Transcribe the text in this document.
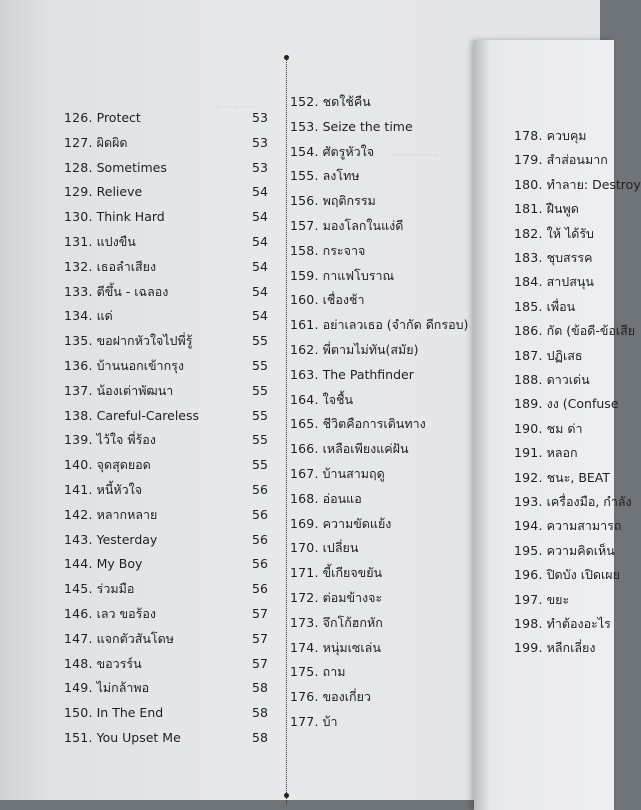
~~~~~
~~~~~~
126. Protect	53
127. ผิดผิด	53
128. Sometimes	53
129. Relieve	54
130. Think Hard	54
131. แปงขืน	54
132. เธอลำเสียง	54
133. ตีขึ้น - เฉลอง	54
134. แด่	54
135. ขอฝากหัวใจไปพี่รู้	55
136. บ้านนอกเข้ากรุง	55
137. น้องเต่าพัฒนา	55
138. Careful-Careless	55
139. ไว้ใจ พี่ร้อง	55
140. จุดสุดยอด	55
141. หนี้หัวใจ	56
142. หลากหลาย	56
143. Yesterday	56
144. My Boy	56
145. ร่วมมือ	56
146. เลว ขอร้อง	57
147. แจกตัวสันโดษ	57
148. ขอวรร์น	57
149. ไม่กล้าพอ	58
150. In The End	58
151. You Upset Me	58
152. ชดใช้คืน
153. Seize the time
154. ศัตรูหัวใจ
155. ลงโทษ
156. พฤติกรรม
157. มองโลกในแง่ดี
158. กระจาจ
159. กาแฟโบราณ
160. เชื่องช้า
161. อย่าเลวเธอ (จำกัด ดีกรอบ)
162. พี่ตามไม่ทัน(สมัย)
163. The Pathfinder
164. ใจชื้น
165. ชีวิตคือการเดินทาง
166. เหลือเพียงแค่ฝัน
167. บ้านสามฤดู
168. อ่อนแอ
169. ความขัดแย้ง
170. เปลี่ยน
171. ขี้เกียจขยัน
172. ต่อมข้างจะ
173. จึกโก้ฮกหัก
174. หนุ่มเซเล่น
175. ถาม
176. ของเกี่ยว
177. บ้า
178. ควบคุม
179. สำส่อนมาก
180. ทำลาย: Destroy
181. ฝืนพูด
182. ให้ ได้รับ
183. ชุบสรรค
184. สาปสนุน
185. เพื่อน
186. กัด (ข้อดี-ข้อเสีย
187. ปฏิเสธ
188. ดาวเด่น
189. งง (Confuse
190. ชม ด่า
191. หลอก
192. ชนะ, BEAT
193. เครื่องมือ, กำลัง
194. ความสามารถ
195. ความคิดเห็น
196. ปิดบัง เปิดเผย
197. ขยะ
198. ทำต้องอะไร
199. หลีกเลี่ยง
